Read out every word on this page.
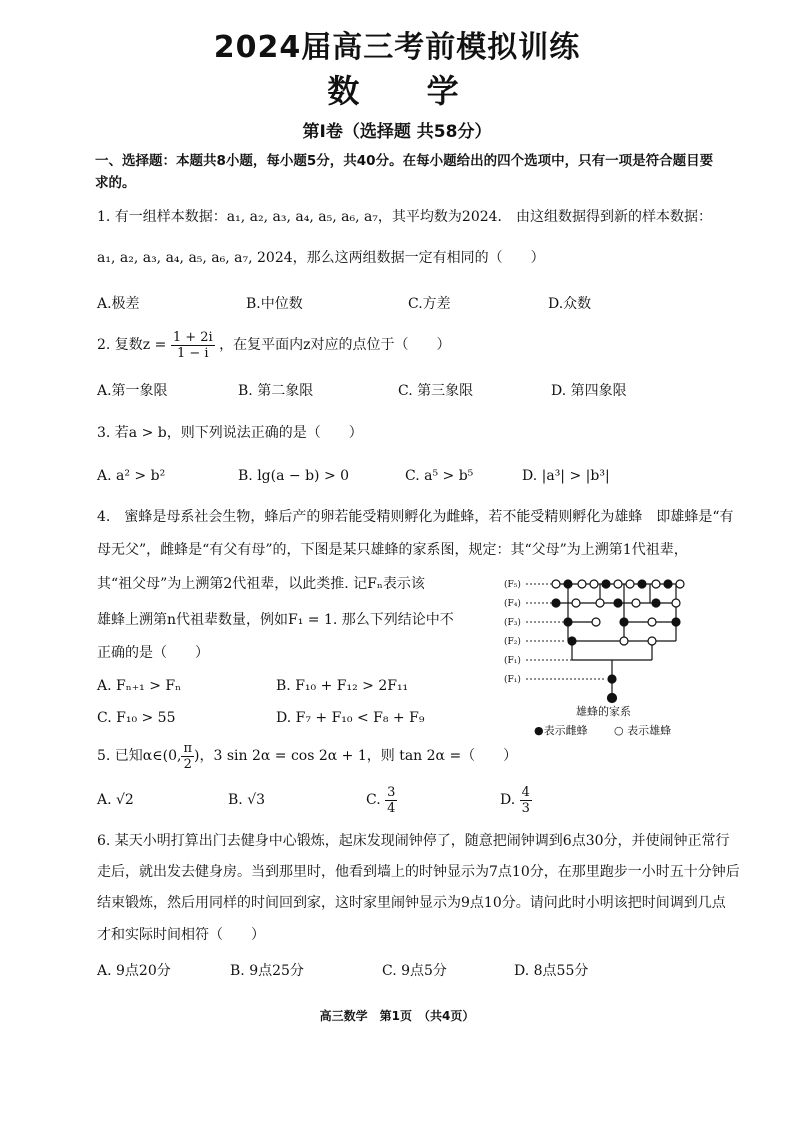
2024届高三考前模拟训练
数 学
第Ⅰ卷（选择题 共58分）
一、选择题：本题共8小题，每小题5分，共40分。在每小题给出的四个选项中，只有一项是符合题目要求的。
1. 有一组样本数据：a₁, a₂, a₃, a₄, a₅, a₆, a₇，其平均数为2024． 由这组数据得到新的样本数据：
a₁, a₂, a₃, a₄, a₅, a₆, a₇, 2024，那么这两组数据一定有相同的（　　）
A.极差	B.中位数	C.方差	D.众数
2. 复数$z = \frac{1 + 2i}{1 - i}$ ，在复平面内z对应的点位于（　　）
A.第一象限	B. 第二象限	C. 第三象限	D. 第四象限
3. 若a > b，则下列说法正确的是（　　）
A. a² > b²	B. lg(a − b) > 0	C. a⁵ > b⁵	D. |a³| > |b³|
4.　蜜蜂是母系社会生物，蜂后产的卵若能受精则孵化为雌蜂，若不能受精则孵化为雄蜂　即雄蜂是“有
母无父”，雌蜂是“有父有母”的，下图是某只雄蜂的家系图，规定：其“父母”为上溯第1代祖辈，
其“祖父母”为上溯第2代祖辈，以此类推. 记Fₙ表示该
雄蜂上溯第n代祖辈数量，例如F₁ = 1. 那么下列结论中不
正确的是（　　）
A. Fₙ₊₁ > Fₙ	B. F₁₀ + F₁₂ > 2F₁₁
C. F₁₀ > 55	D. F₇ + F₁₀ < F₈ + F₉
(F₅)
(F₄)
(F₃)
(F₂)
(F₁)
(F₁)
雄蜂的家系
●表示雌蜂 ○ 表示雄蜂
5. 已知α∈(0, $\frac{\pi}{2}$ )，3 sin 2α = cos 2α + 1，则 tan 2α =（　　）
A. √2	B. √3	C. $\frac{3}{4}$	D. $\frac{4}{3}$
6. 某天小明打算出门去健身中心锻炼，起床发现闹钟停了，随意把闹钟调到6点30分，并使闹钟正常行
走后，就出发去健身房。当到那里时，他看到墙上的时钟显示为7点10分，在那里跑步一小时五十分钟后
结束锻炼，然后用同样的时间回到家，这时家里闹钟显示为9点10分。请问此时小明该把时间调到几点
才和实际时间相符（　　）
A. 9点20分	B. 9点25分	C. 9点5分	D. 8点55分
高三数学　第1页　（共4页）
